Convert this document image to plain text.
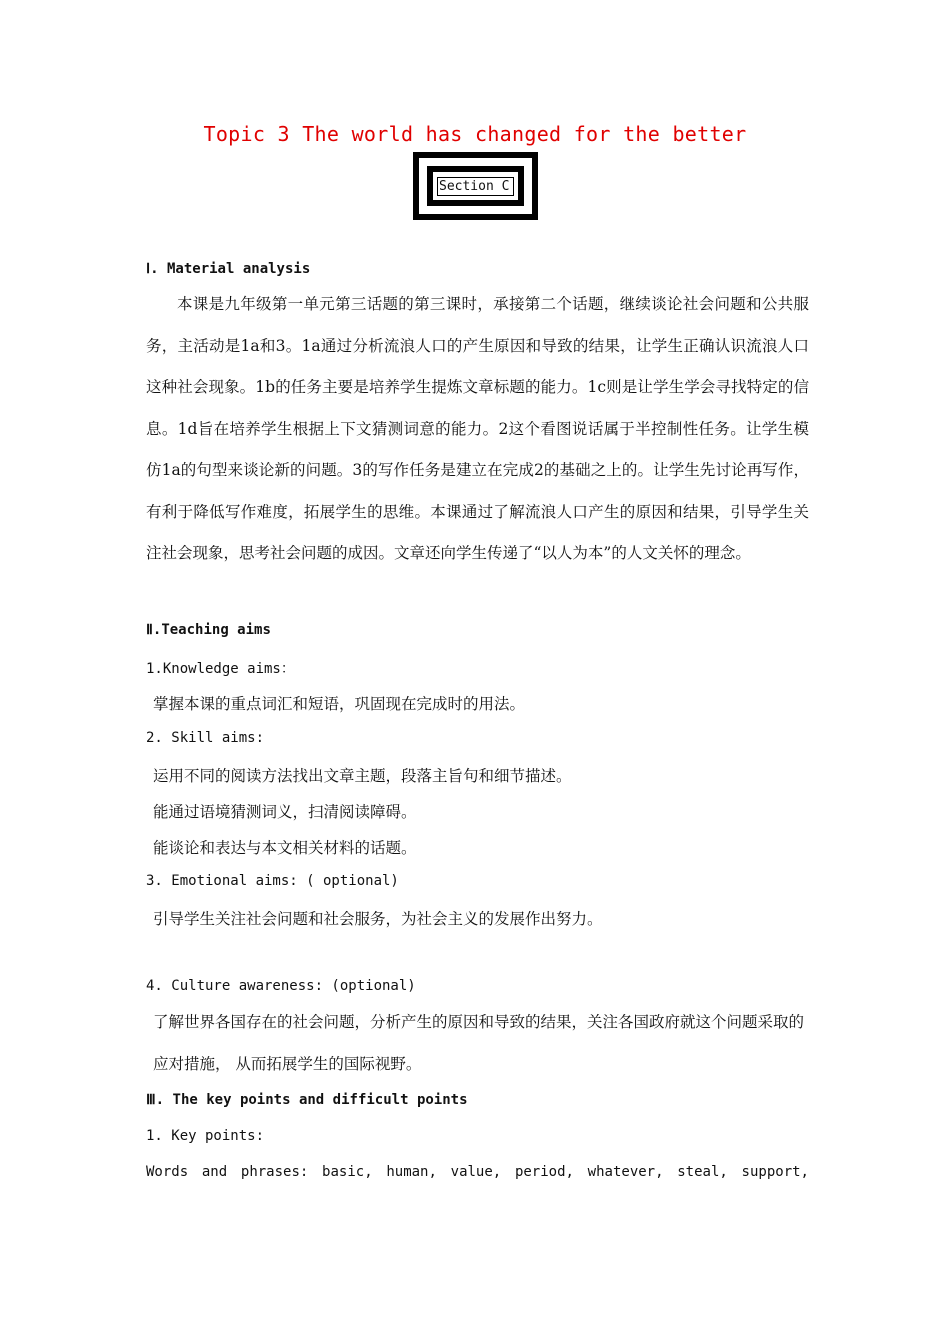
Topic 3 The world has changed for the better
Section C
Ⅰ. Material analysis
本课是九年级第一单元第三话题的第三课时，承接第二个话题，继续谈论社会问题和公共服务，主活动是1a和3。1a通过分析流浪人口的产生原因和导致的结果，让学生正确认识流浪人口这种社会现象。1b的任务主要是培养学生提炼文章标题的能力。1c则是让学生学会寻找特定的信息。1d旨在培养学生根据上下文猜测词意的能力。2这个看图说话属于半控制性任务。让学生模仿1a的句型来谈论新的问题。3的写作任务是建立在完成2的基础之上的。让学生先讨论再写作，有利于降低写作难度，拓展学生的思维。本课通过了解流浪人口产生的原因和结果，引导学生关注社会现象，思考社会问题的成因。文章还向学生传递了“以人为本”的人文关怀的理念。
Ⅱ.Teaching aims
1.Knowledge aims：
掌握本课的重点词汇和短语，巩固现在完成时的用法。
2. Skill aims:
运用不同的阅读方法找出文章主题，段落主旨句和细节描述。
能通过语境猜测词义，扫清阅读障碍。
能谈论和表达与本文相关材料的话题。
3. Emotional aims: ( optional)
引导学生关注社会问题和社会服务，为社会主义的发展作出努力。
4. Culture awareness: (optional)
了解世界各国存在的社会问题，分析产生的原因和导致的结果，关注各国政府就这个问题采取的应对措施， 从而拓展学生的国际视野。
Ⅲ. The key points and difficult points
1. Key points:
Words and phrases: basic, human, value, period, whatever, steal, support,
